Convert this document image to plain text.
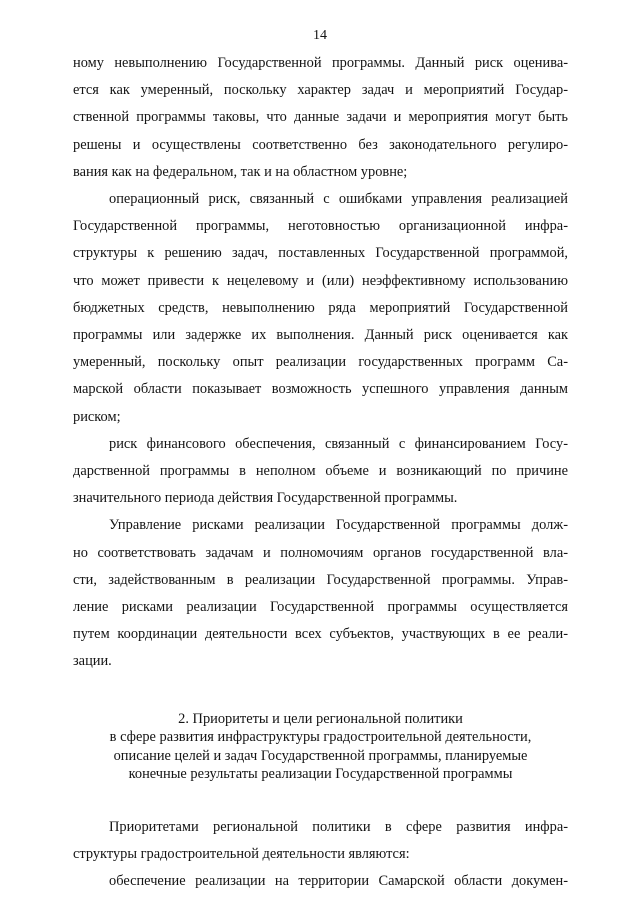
14

ному невыполнению Государственной программы. Данный риск оценива-
ется как умеренный, поскольку характер задач и мероприятий Государ-
ственной программы таковы, что данные задачи и мероприятия могут быть
решены и осуществлены соответственно без законодательного регулиро-
вания как на федеральном, так и на областном уровне;

операционный риск, связанный с ошибками управления реализацией
Государственной программы, неготовностью организационной инфра-
структуры к решению задач, поставленных Государственной программой,
что может привести к нецелевому и (или) неэффективному использованию
бюджетных средств, невыполнению ряда мероприятий Государственной
программы или задержке их выполнения. Данный риск оценивается как
умеренный, поскольку опыт реализации государственных программ Са-
марской области показывает возможность успешного управления данным
риском;

риск финансового обеспечения, связанный с финансированием Госу-
дарственной программы в неполном объеме и возникающий по причине
значительного периода действия Государственной программы.

Управление рисками реализации Государственной программы долж-
но соответствовать задачам и полномочиям органов государственной вла-
сти, задействованным в реализации Государственной программы. Управ-
ление рисками реализации Государственной программы осуществляется
путем координации деятельности всех субъектов, участвующих в ее реали-
зации.

2. Приоритеты и цели региональной политики
в сфере развития инфраструктуры градостроительной деятельности,
описание целей и задач Государственной программы, планируемые
конечные результаты реализации Государственной программы

Приоритетами региональной политики в сфере развития инфра-
структуры градостроительной деятельности являются:

обеспечение реализации на территории Самарской области докумен-
